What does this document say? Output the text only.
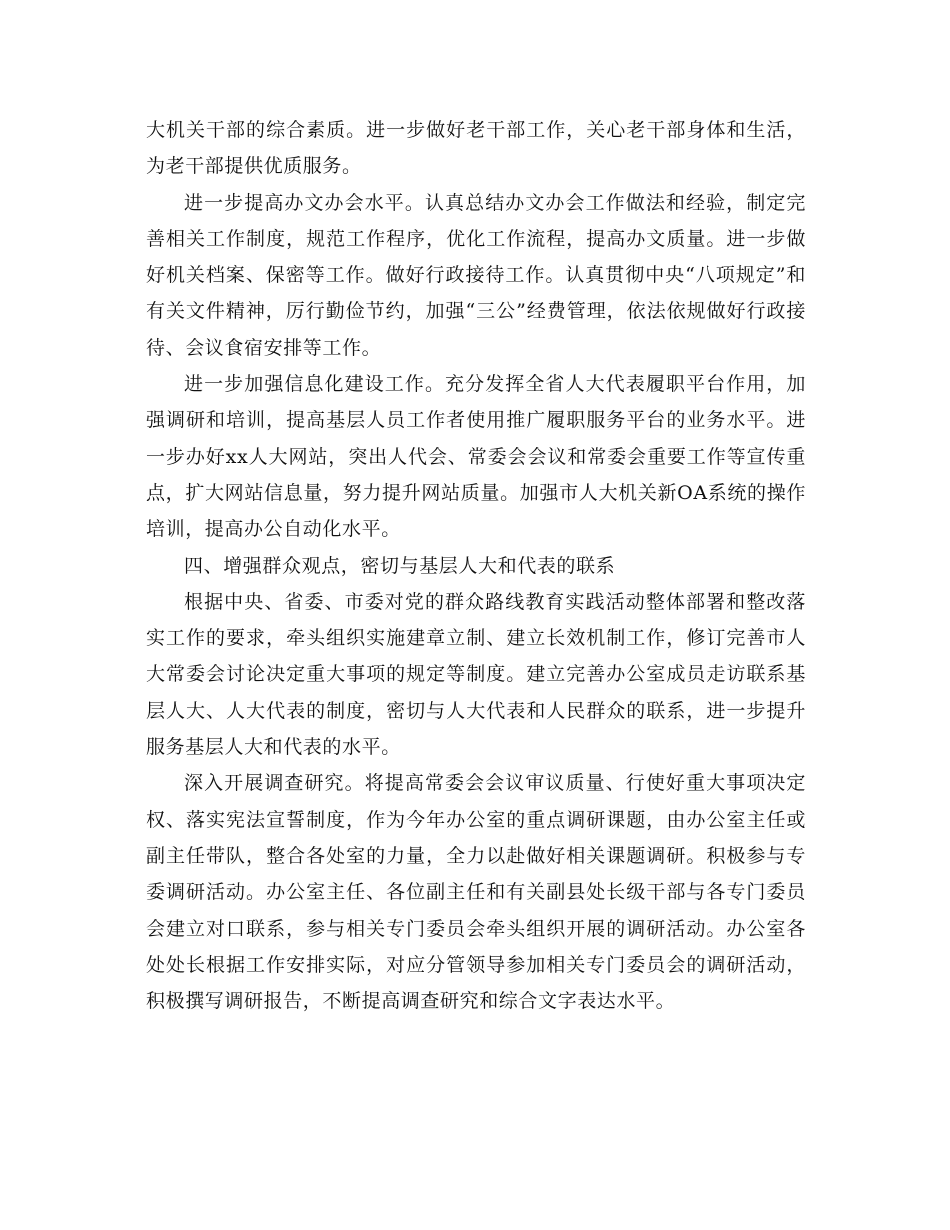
大机关干部的综合素质。进一步做好老干部工作，关心老干部身体和生活，为老干部提供优质服务。

进一步提高办文办会水平。认真总结办文办会工作做法和经验，制定完善相关工作制度，规范工作程序，优化工作流程，提高办文质量。进一步做好机关档案、保密等工作。做好行政接待工作。认真贯彻中央“八项规定”和有关文件精神，厉行勤俭节约，加强“三公”经费管理，依法依规做好行政接待、会议食宿安排等工作。

进一步加强信息化建设工作。充分发挥全省人大代表履职平台作用，加强调研和培训，提高基层人员工作者使用推广履职服务平台的业务水平。进一步办好xx人大网站，突出人代会、常委会会议和常委会重要工作等宣传重点，扩大网站信息量，努力提升网站质量。加强市人大机关新OA系统的操作培训，提高办公自动化水平。

四、增强群众观点，密切与基层人大和代表的联系

根据中央、省委、市委对党的群众路线教育实践活动整体部署和整改落实工作的要求，牵头组织实施建章立制、建立长效机制工作，修订完善市人大常委会讨论决定重大事项的规定等制度。建立完善办公室成员走访联系基层人大、人大代表的制度，密切与人大代表和人民群众的联系，进一步提升服务基层人大和代表的水平。

深入开展调查研究。将提高常委会会议审议质量、行使好重大事项决定权、落实宪法宣誓制度，作为今年办公室的重点调研课题，由办公室主任或副主任带队，整合各处室的力量，全力以赴做好相关课题调研。积极参与专委调研活动。办公室主任、各位副主任和有关副县处长级干部与各专门委员会建立对口联系，参与相关专门委员会牵头组织开展的调研活动。办公室各处处长根据工作安排实际，对应分管领导参加相关专门委员会的调研活动，积极撰写调研报告，不断提高调查研究和综合文字表达水平。
